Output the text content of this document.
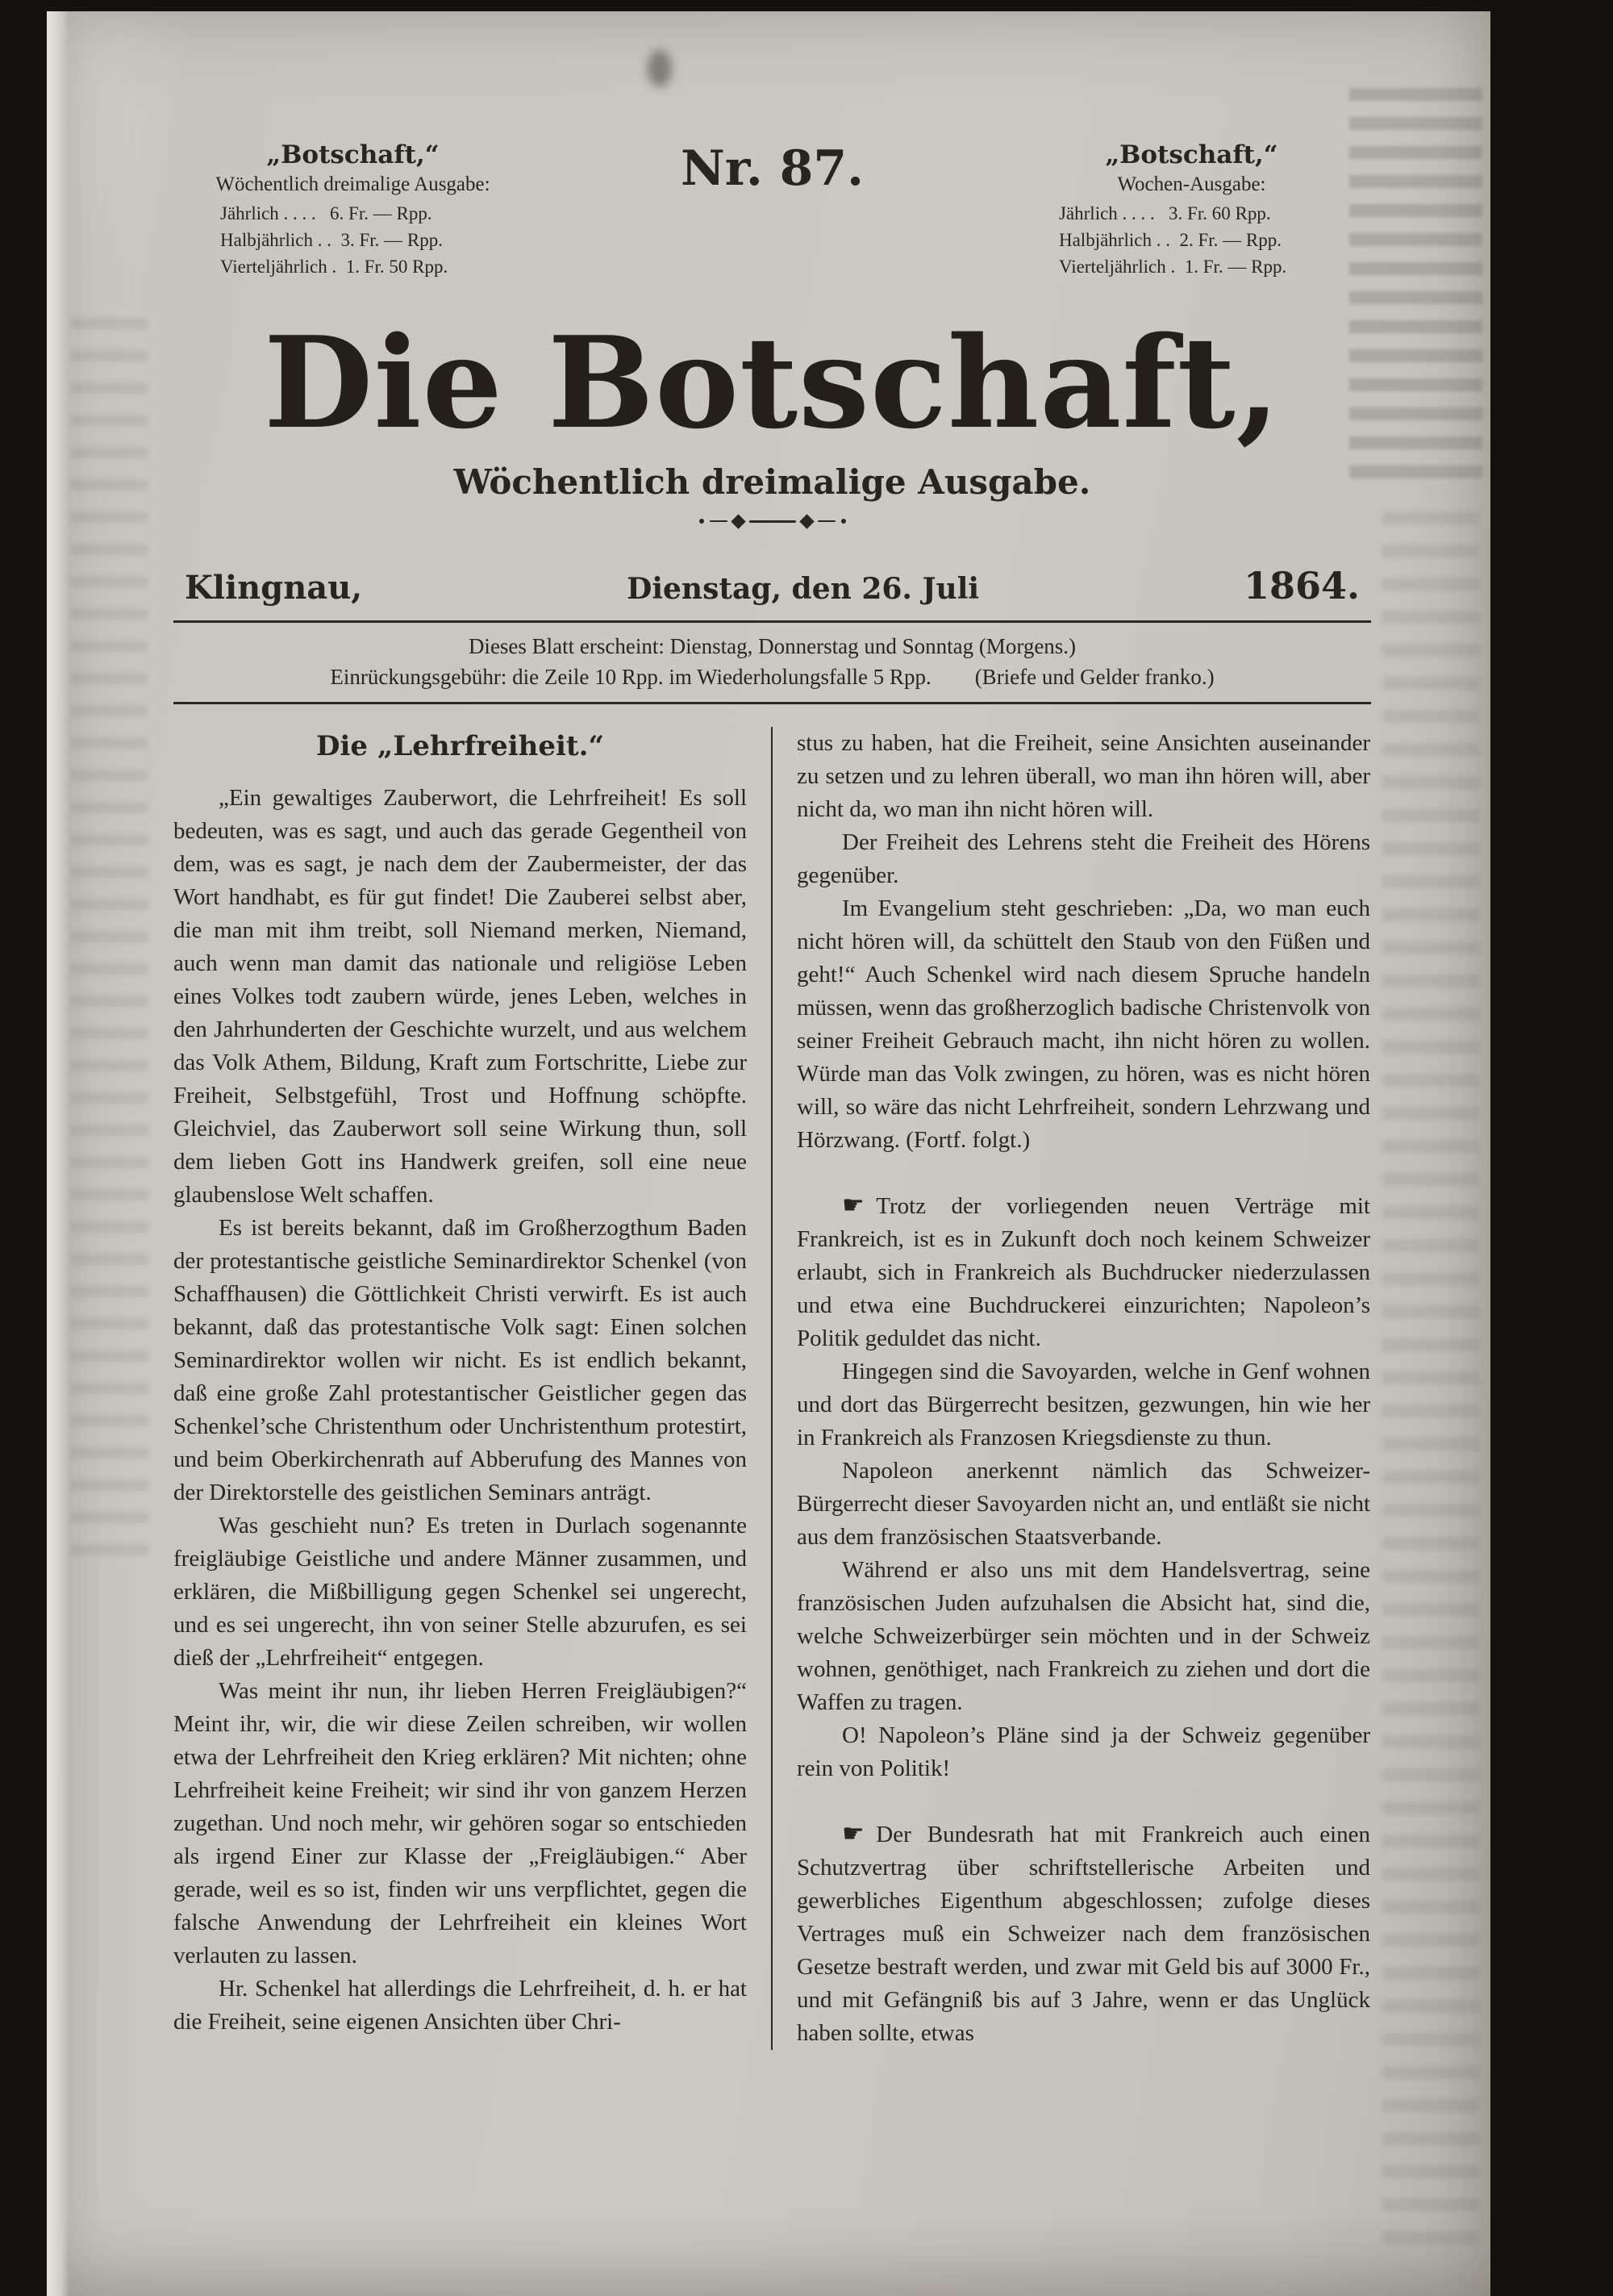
„Botschaft,“
Wöchentlich dreimalige Ausgabe:
Jährlich . . . .   6. Fr. — Rpp.
Halbjährlich . .  3. Fr. — Rpp.
Vierteljährlich .  1. Fr. 50 Rpp.
Nr. 87.	„Botschaft,“
Wochen-Ausgabe:
Jährlich . . . .   3. Fr. 60 Rpp.
Halbjährlich . .  2. Fr. — Rpp.
Vierteljährlich .  1. Fr. — Rpp.
Die Botschaft,
Wöchentlich dreimalige Ausgabe.
Klingnau,	Dienstag, den 26. Juli	1864.
Dieses Blatt erscheint: Dienstag, Donnerstag und Sonntag (Morgens.)
Einrückungsgebühr: die Zeile 10 Rpp. im Wiederholungsfalle 5 Rpp.  (Briefe und Gelder franko.)
Die „Lehrfreiheit.“

„Ein gewaltiges Zauberwort, die Lehrfreiheit! Es soll bedeuten, was es sagt, und auch das gerade Gegentheil von dem, was es sagt, je nach dem der Zaubermeister, der das Wort handhabt, es für gut findet! Die Zauberei selbst aber, die man mit ihm treibt, soll Niemand merken, Niemand, auch wenn man damit das nationale und religiöse Leben eines Volkes todt zaubern würde, jenes Leben, welches in den Jahrhunderten der Geschichte wurzelt, und aus welchem das Volk Athem, Bildung, Kraft zum Fortschritte, Liebe zur Freiheit, Selbstgefühl, Trost und Hoffnung schöpfte. Gleichviel, das Zauberwort soll seine Wirkung thun, soll dem lieben Gott ins Handwerk greifen, soll eine neue glaubenslose Welt schaffen.

Es ist bereits bekannt, daß im Großherzogthum Baden der protestantische geistliche Seminardirektor Schenkel (von Schaffhausen) die Göttlichkeit Christi verwirft. Es ist auch bekannt, daß das protestantische Volk sagt: Einen solchen Seminardirektor wollen wir nicht. Es ist endlich bekannt, daß eine große Zahl protestantischer Geistlicher gegen das Schenkel’sche Christenthum oder Unchristenthum protestirt, und beim Oberkirchenrath auf Abberufung des Mannes von der Direktorstelle des geistlichen Seminars anträgt.

Was geschieht nun? Es treten in Durlach sogenannte freigläubige Geistliche und andere Männer zusammen, und erklären, die Mißbilligung gegen Schenkel sei ungerecht, und es sei ungerecht, ihn von seiner Stelle abzurufen, es sei dieß der „Lehrfreiheit“ entgegen.

Was meint ihr nun, ihr lieben Herren Freigläubigen?“ Meint ihr, wir, die wir diese Zeilen schreiben, wir wollen etwa der Lehrfreiheit den Krieg erklären? Mit nichten; ohne Lehrfreiheit keine Freiheit; wir sind ihr von ganzem Herzen zugethan. Und noch mehr, wir gehören sogar so entschieden als irgend Einer zur Klasse der „Freigläubigen.“ Aber gerade, weil es so ist, finden wir uns verpflichtet, gegen die falsche Anwendung der Lehrfreiheit ein kleines Wort verlauten zu lassen.

Hr. Schenkel hat allerdings die Lehrfreiheit, d. h. er hat die Freiheit, seine eigenen Ansichten über Chri-

stus zu haben, hat die Freiheit, seine Ansichten auseinander zu setzen und zu lehren überall, wo man ihn hören will, aber nicht da, wo man ihn nicht hören will.

Der Freiheit des Lehrens steht die Freiheit des Hörens gegenüber.

Im Evangelium steht geschrieben: „Da, wo man euch nicht hören will, da schüttelt den Staub von den Füßen und geht!“ Auch Schenkel wird nach diesem Spruche handeln müssen, wenn das großherzoglich badische Christenvolk von seiner Freiheit Gebrauch macht, ihn nicht hören zu wollen. Würde man das Volk zwingen, zu hören, was es nicht hören will, so wäre das nicht Lehrfreiheit, sondern Lehrzwang und Hörzwang. (Fortf. folgt.)

☛ Trotz der vorliegenden neuen Verträge mit Frankreich, ist es in Zukunft doch noch keinem Schweizer erlaubt, sich in Frankreich als Buchdrucker niederzulassen und etwa eine Buchdruckerei einzurichten; Napoleon’s Politik geduldet das nicht.

Hingegen sind die Savoyarden, welche in Genf wohnen und dort das Bürgerrecht besitzen, gezwungen, hin wie her in Frankreich als Franzosen Kriegsdienste zu thun.

Napoleon anerkennt nämlich das Schweizer-Bürgerrecht dieser Savoyarden nicht an, und entläßt sie nicht aus dem französischen Staatsverbande.

Während er also uns mit dem Handelsvertrag, seine französischen Juden aufzuhalsen die Absicht hat, sind die, welche Schweizerbürger sein möchten und in der Schweiz wohnen, genöthiget, nach Frankreich zu ziehen und dort die Waffen zu tragen.

O! Napoleon’s Pläne sind ja der Schweiz gegenüber rein von Politik!

☛ Der Bundesrath hat mit Frankreich auch einen Schutzvertrag über schriftstellerische Arbeiten und gewerbliches Eigenthum abgeschlossen; zufolge dieses Vertrages muß ein Schweizer nach dem französischen Gesetze bestraft werden, und zwar mit Geld bis auf 3000 Fr., und mit Gefängniß bis auf 3 Jahre, wenn er das Unglück haben sollte, etwas
